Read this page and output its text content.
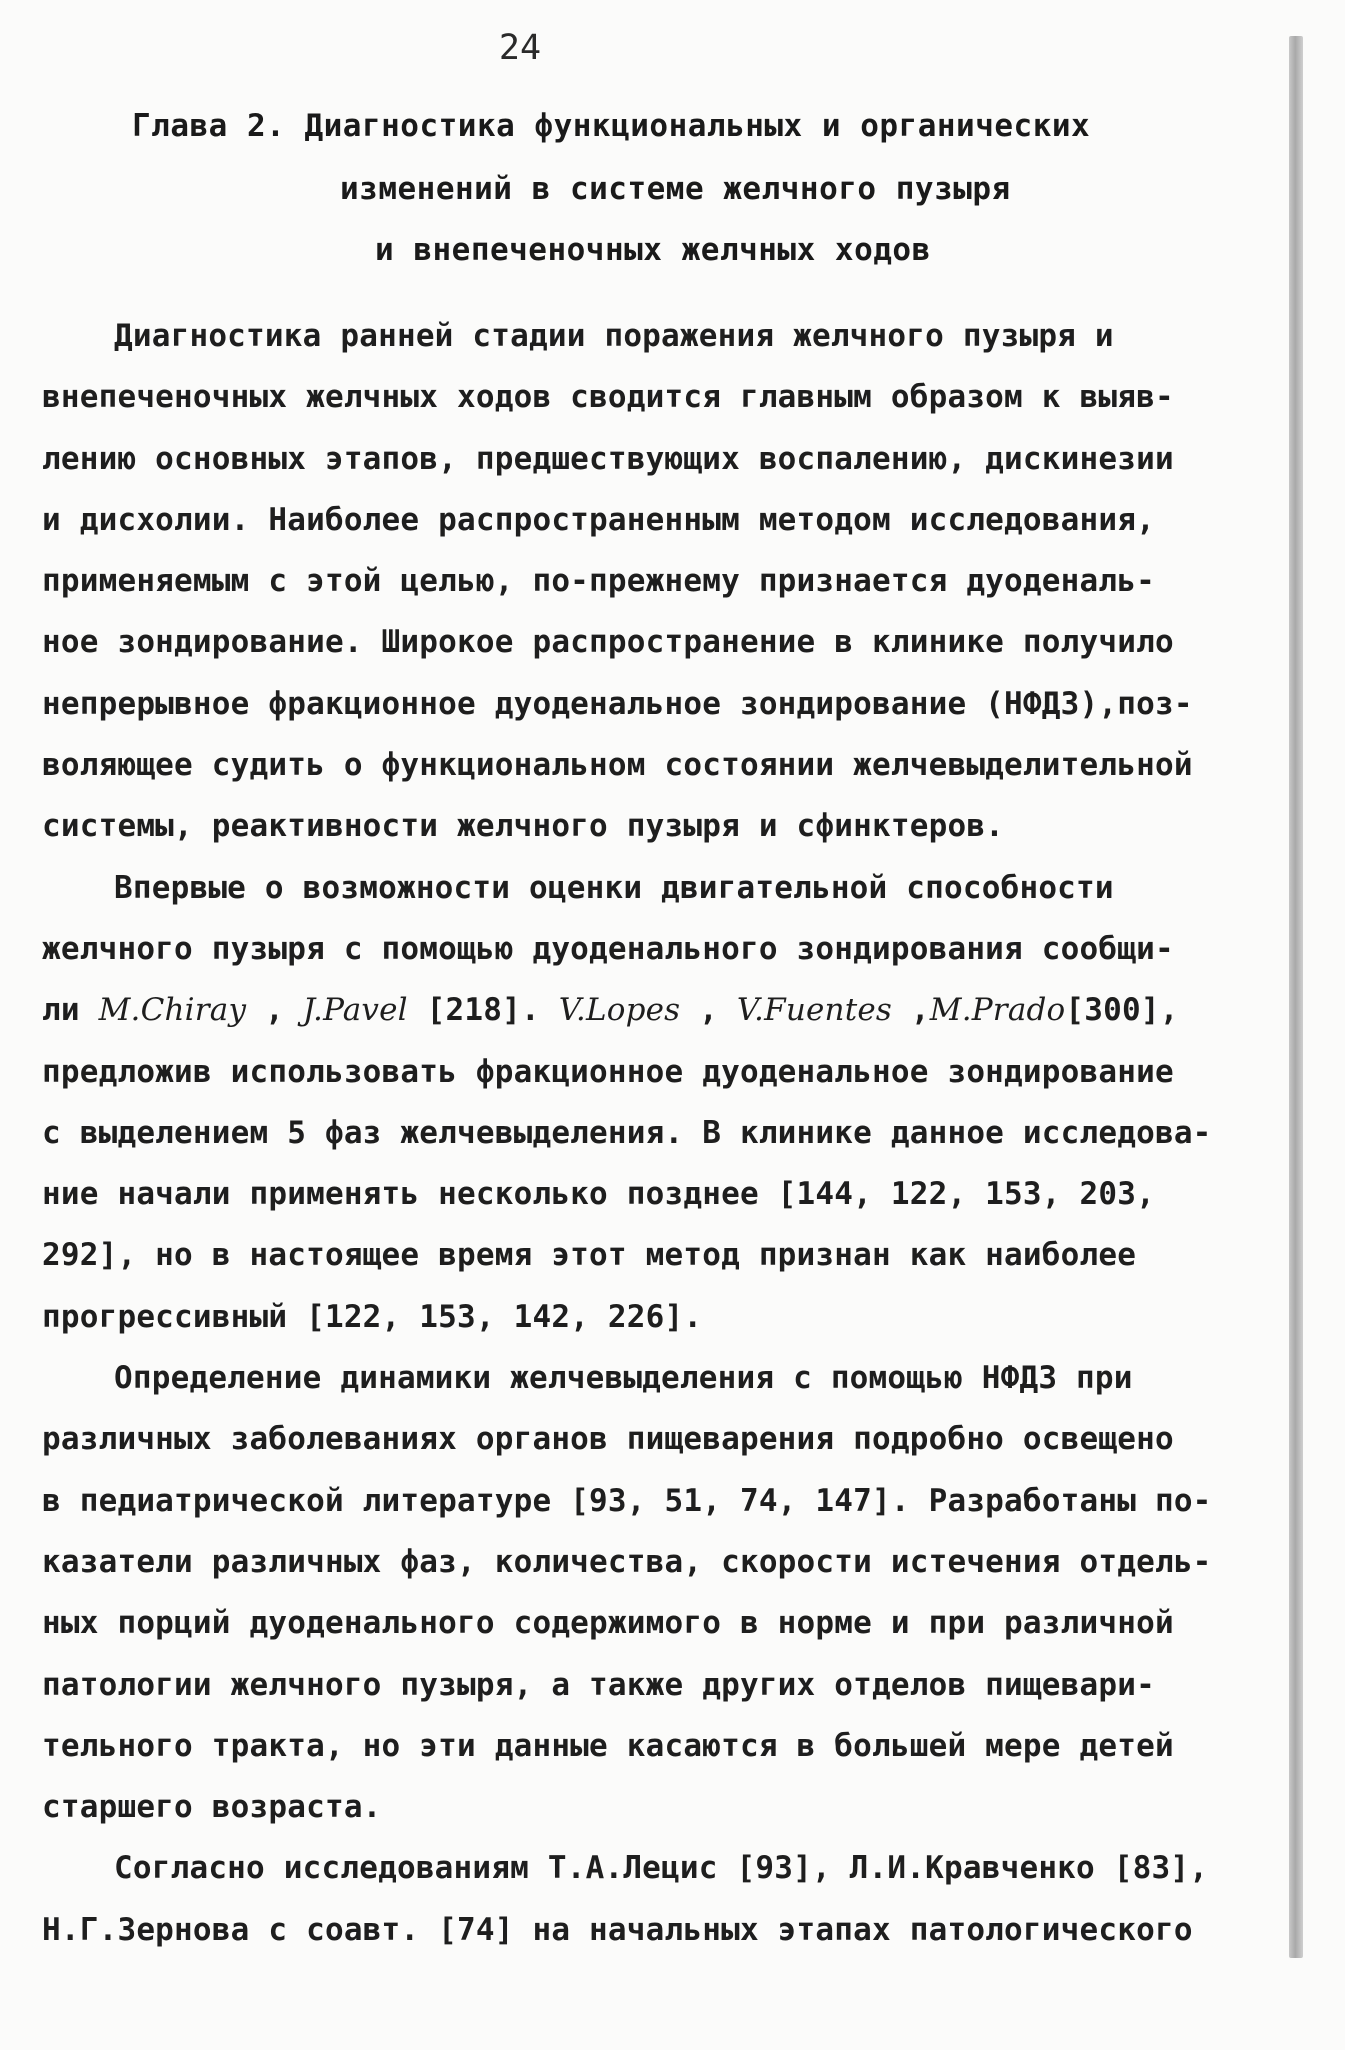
24
Глава 2. Диагностика функциональных и органических
изменений в системе желчного пузыря
и внепеченочных желчных ходов

Диагностика ранней стадии поражения желчного пузыря и

внепеченочных желчных ходов сводится главным образом к выяв-

лению основных этапов, предшествующих воспалению, дискинезии

и дисхолии. Наиболее распространенным методом исследования,

применяемым с этой целью, по-прежнему признается дуоденаль-

ное зондирование. Широкое распространение в клинике получило

непрерывное фракционное дуоденальное зондирование (НФДЗ),поз-

воляющее судить о функциональном состоянии желчевыделительной

системы, реактивности желчного пузыря и сфинктеров.

Впервые о возможности оценки двигательной способности

желчного пузыря с помощью дуоденального зондирования сообщи-

ли M.Chiray , J.Pavel [218]. V.Lopes , V.Fuentes ,M.Prado[300],

предложив использовать фракционное дуоденальное зондирование

с выделением 5 фаз желчевыделения. В клинике данное исследова-

ние начали применять несколько позднее [144, 122, 153, 203,

292], но в настоящее время этот метод признан как наиболее

прогрессивный [122, 153, 142, 226].

Определение динамики желчевыделения с помощью НФДЗ при

различных заболеваниях органов пищеварения подробно освещено

в педиатрической литературе [93, 51, 74, 147]. Разработаны по-

казатели различных фаз, количества, скорости истечения отдель-

ных порций дуоденального содержимого в норме и при различной

патологии желчного пузыря, а также других отделов пищевари-

тельного тракта, но эти данные касаются в большей мере детей

старшего возраста.

Согласно исследованиям Т.А.Лецис [93], Л.И.Кравченко [83],

Н.Г.Зернова с соавт. [74] на начальных этапах патологического
